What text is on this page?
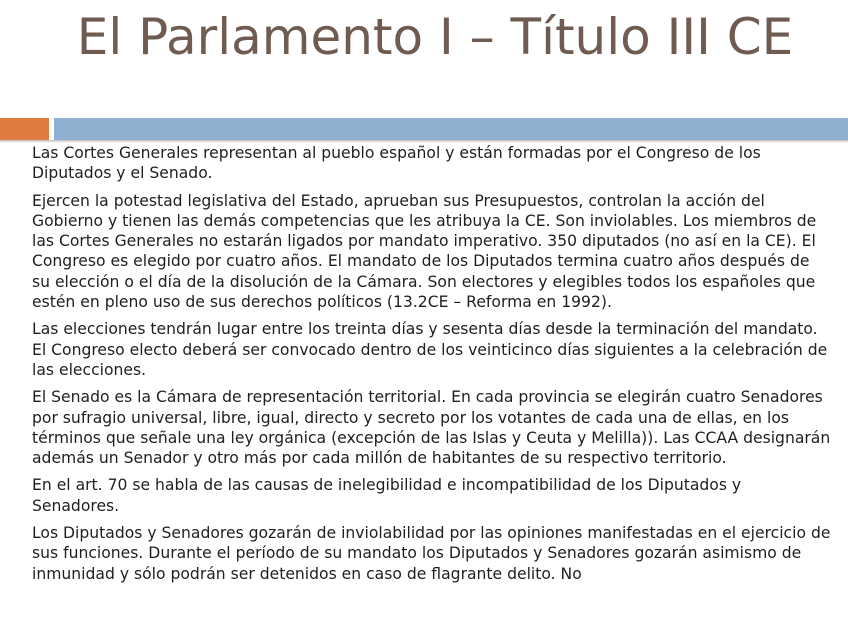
El Parlamento I – Título III CE

Las Cortes Generales representan al pueblo español y están formadas por el Congreso de los Diputados y el Senado.

Ejercen la potestad legislativa del Estado, aprueban sus Presupuestos, controlan la acción del Gobierno y tienen las demás competencias que les atribuya la CE. Son inviolables. Los miembros de las Cortes Generales no estarán ligados por mandato imperativo. 350 diputados (no así en la CE). El Congreso es elegido por cuatro años. El mandato de los Diputados termina cuatro años después de su elección o el día de la disolución de la Cámara. Son electores y elegibles todos los españoles que estén en pleno uso de sus derechos políticos (13.2CE – Reforma en 1992).

Las elecciones tendrán lugar entre los treinta días y sesenta días desde la terminación del mandato. El Congreso electo deberá ser convocado dentro de los veinticinco días siguientes a la celebración de las elecciones.

El Senado es la Cámara de representación territorial. En cada provincia se elegirán cuatro Senadores por sufragio universal, libre, igual, directo y secreto por los votantes de cada una de ellas, en los términos que señale una ley orgánica (excepción de las Islas y Ceuta y Melilla)). Las CCAA designarán además un Senador y otro más por cada millón de habitantes de su respectivo territorio.

En el art. 70 se habla de las causas de inelegibilidad e incompatibilidad de los Diputados y Senadores.

Los Diputados y Senadores gozarán de inviolabilidad por las opiniones manifestadas en el ejercicio de sus funciones. Durante el período de su mandato los Diputados y Senadores gozarán asimismo de inmunidad y sólo podrán ser detenidos en caso de flagrante delito. No
